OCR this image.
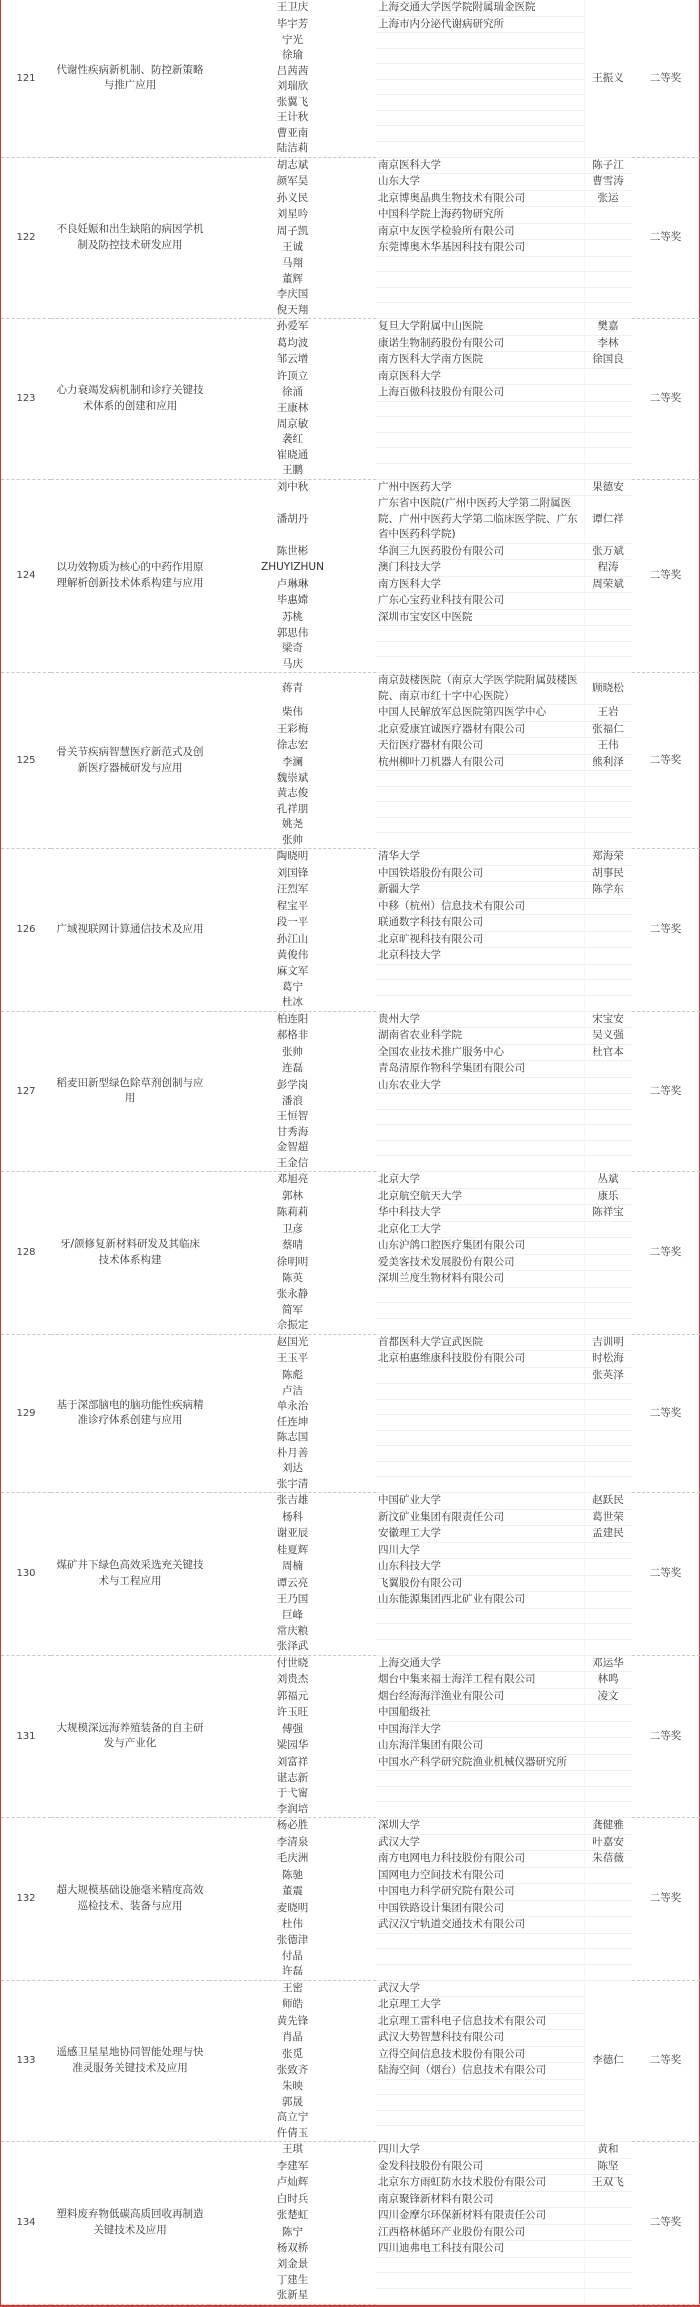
121	代谢性疾病新机制、防控新策略与推广应用	王卫庆	上海交通大学医学院附属瑞金医院	王振义	二等奖
		毕宇芳	上海市内分泌代谢病研究所		
		宁光			
		徐瑜			
		吕茜茜			
		刘瑞欣			
		张翼飞			
		王计秋			
		曹亚南			
		陆洁莉			
122	不良妊娠和出生缺陷的病因学机制及防控技术研发应用	胡志斌	南京医科大学	陈子江	二等奖
		颜军昊	山东大学	曹雪涛	
		孙义民	北京博奥晶典生物技术有限公司	张运	
		刘星吟	中国科学院上海药物研究所		
		周子凯	南京中友医学检验所有限公司		
		王诚	东莞博奥木华基因科技有限公司		
		马翔			
		董辉			
		李庆国			
		倪天翔			
123	心力衰竭发病机制和诊疗关键技术体系的创建和应用	孙爱军	复旦大学附属中山医院	樊嘉	二等奖
		葛均波	康诺生物制药股份有限公司	李林	
		邹云增	南方医科大学南方医院	徐国良	
		许顶立	南京医科大学		
		徐涌	上海百傲科技股份有限公司		
		王康林			
		周京敏			
		袭红			
		崔晓通			
		王鹏			
124	以功效物质为核心的中药作用原理解析创新技术体系构建与应用	刘中秋	广州中医药大学	果德安	二等奖
		潘胡丹	广东省中医院(广州中医药大学第二附属医院、广州中医药大学第二临床医学院、广东省中医药科学院)	谭仁祥	
		陈世彬	华润三九医药股份有限公司	张万斌	
		ZHUYIZHUN	澳门科技大学	程涛	
		卢琳琳	南方医科大学	周荣斌	
		毕惠嫦	广东心宝药业科技有限公司		
		苏桃	深圳市宝安区中医院		
		郭思伟			
		梁奇			
		马庆			
125	骨关节疾病智慧医疗新范式及创新医疗器械研发与应用	蒋青	南京鼓楼医院（南京大学医学院附属鼓楼医院、南京市红十字中心医院）	顾晓松	二等奖
		柴伟	中国人民解放军总医院第四医学中心	王岩	
		王彩梅	北京爱康宜诚医疗器材有限公司	张福仁	
		徐志宏	天衍医疗器材有限公司	王伟	
		李澜	杭州柳叶刀机器人有限公司	熊利泽	
		魏崇斌			
		黄志俊			
		孔祥朋			
		姚尧			
		张帅			
126	广域视联网计算通信技术及应用	陶晓明	清华大学	郑海荣	二等奖
		刘国锋	中国铁塔股份有限公司	胡事民	
		汪烈军	新疆大学	陈学东	
		程宝平	中移（杭州）信息技术有限公司		
		段一平	联通数字科技有限公司		
		孙江山	北京旷视科技有限公司		
		黄俊伟	北京科技大学		
		麻文军			
		葛宁			
		杜冰			
127	稻麦田新型绿色除草剂创制与应用	柏连阳	贵州大学	宋宝安	二等奖
		郝格非	湖南省农业科学院	吴义强	
		张帅	全国农业技术推广服务中心	杜官本	
		连磊	青岛清原作物科学集团有限公司		
		彭学岗	山东农业大学		
		潘浪			
		王恒智			
		甘秀海			
		金智超			
		王金信			
128	牙/颌修复新材料研发及其临床技术体系构建	邓旭亮	北京大学	丛斌	二等奖
		郭林	北京航空航天大学	康乐	
		陈莉莉	华中科技大学	陈祥宝	
		卫彦	北京化工大学		
		蔡晴	山东沪鸽口腔医疗集团有限公司		
		徐明明	爱美客技术发展股份有限公司		
		陈英	深圳兰度生物材料有限公司		
		张永静			
		简军			
		佘振定			
129	基于深部脑电的脑功能性疾病精准诊疗体系创建与应用	赵国光	首都医科大学宣武医院	吉训明	二等奖
		王玉平	北京柏惠维康科技股份有限公司	时松海	
		陈彪		张英泽	
		卢洁			
		单永治			
		任连坤			
		陈志国			
		朴月善			
		刘达			
		张宇清			
130	煤矿井下绿色高效采选充关键技术与工程应用	张吉雄	中国矿业大学	赵跃民	二等奖
		杨科	新汶矿业集团有限责任公司	葛世荣	
		谢亚辰	安徽理工大学	孟建民	
		桂夏辉	四川大学		
		周楠	山东科技大学		
		谭云亮	飞翼股份有限公司		
		王乃国	山东能源集团西北矿业有限公司		
		巨峰			
		常庆粮			
		张泽武			
131	大规模深远海养殖装备的自主研发与产业化	付世晓	上海交通大学	邓运华	二等奖
		刘贵杰	烟台中集来福士海洋工程有限公司	林鸣	
		郭福元	烟台经海海洋渔业有限公司	凌文	
		许玉旺	中国船级社		
		傅强	中国海洋大学		
		梁园华	山东海洋集团有限公司		
		刘富祥	中国水产科学研究院渔业机械仪器研究所		
		谌志新			
		于弋甯			
		李润培			
132	超大规模基础设施毫米精度高效巡检技术、装备与应用	杨必胜	深圳大学	龚健雅	二等奖
		李清泉	武汉大学	叶嘉安	
		毛庆洲	南方电网电力科技股份有限公司	朱蓓薇	
		陈驰	国网电力空间技术有限公司		
		董震	中国电力科学研究院有限公司		
		麦晓明	中国铁路设计集团有限公司		
		杜伟	武汉汉宁轨道交通技术有限公司		
		张德津			
		付晶			
		许磊			
133	遥感卫星星地协同智能处理与快准灵服务关键技术及应用	王密	武汉大学	李德仁	二等奖
		师皓	北京理工大学		
		黄先锋	北京理工雷科电子信息技术有限公司		
		肖晶	武汉大势智慧科技有限公司		
		张觅	立得空间信息技术股份有限公司		
		张致齐	陆海空间（烟台）信息技术有限公司		
		朱映			
		郭晟			
		高立宁			
		仵倩玉			
134	塑料废弃物低碳高质回收再制造关键技术及应用	王琪	四川大学	黄和	二等奖
		李建军	金发科技股份有限公司	陈坚	
		卢灿辉	北京东方雨虹防水技术股份有限公司	王双飞	
		白时兵	南京聚锋新材料有限公司		
		张楚虹	四川金摩尔环保新材料有限责任公司		
		陈宁	江西格林循环产业股份有限公司		
		杨双桥	四川迪弗电工科技有限公司		
		刘金景			
		丁建生			
		张新星			
